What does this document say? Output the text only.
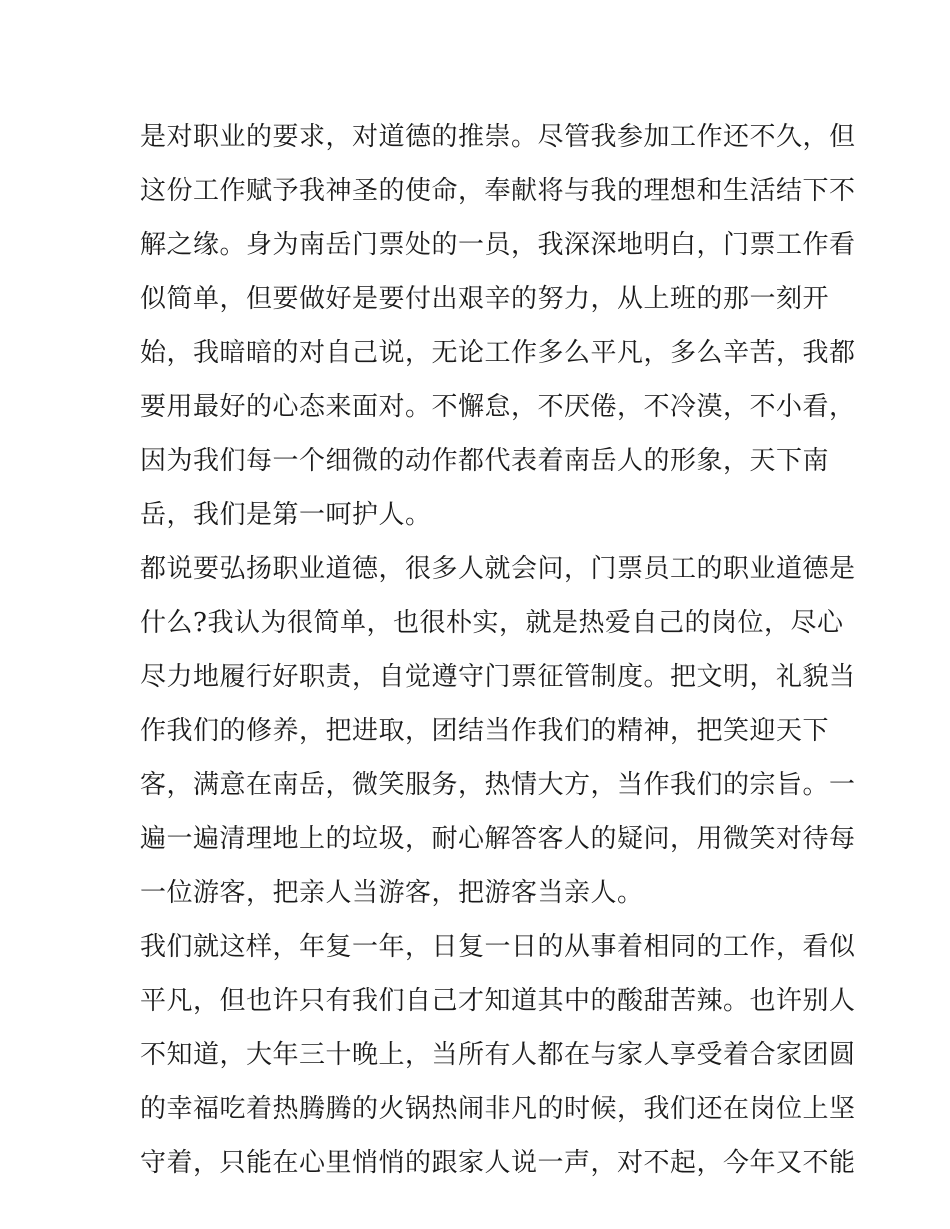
是对职业的要求，对道德的推崇。尽管我参加工作还不久，但
这份工作赋予我神圣的使命，奉献将与我的理想和生活结下不
解之缘。身为南岳门票处的一员，我深深地明白，门票工作看
似简单，但要做好是要付出艰辛的努力，从上班的那一刻开
始，我暗暗的对自己说，无论工作多么平凡，多么辛苦，我都
要用最好的心态来面对。不懈怠，不厌倦，不冷漠，不小看，
因为我们每一个细微的动作都代表着南岳人的形象，天下南
岳，我们是第一呵护人。
都说要弘扬职业道德，很多人就会问，门票员工的职业道德是
什么?我认为很简单，也很朴实，就是热爱自己的岗位，尽心
尽力地履行好职责，自觉遵守门票征管制度。把文明，礼貌当
作我们的修养，把进取，团结当作我们的精神，把笑迎天下
客，满意在南岳，微笑服务，热情大方，当作我们的宗旨。一
遍一遍清理地上的垃圾，耐心解答客人的疑问，用微笑对待每
一位游客，把亲人当游客，把游客当亲人。
我们就这样，年复一年，日复一日的从事着相同的工作，看似
平凡，但也许只有我们自己才知道其中的酸甜苦辣。也许别人
不知道，大年三十晚上，当所有人都在与家人享受着合家团圆
的幸福吃着热腾腾的火锅热闹非凡的时候，我们还在岗位上坚
守着，只能在心里悄悄的跟家人说一声，对不起，今年又不能
